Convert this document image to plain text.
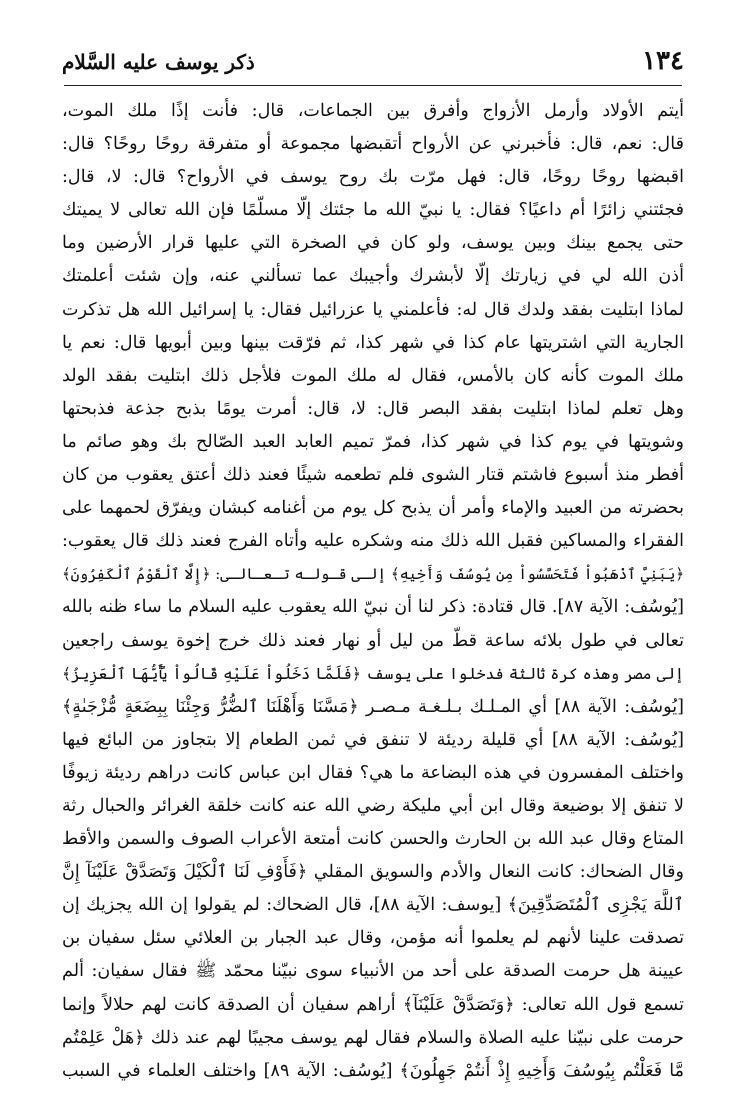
١٣٤
ذكر يوسف عليه السَّلام
أيتم الأولاد وأرمل الأزواج وأفرق بين الجماعات، قال: فأنت إذًا ملك الموت،
قال: نعم، قال: فأخبرني عن الأرواح أتقبضها مجموعة أو متفرقة روحًا روحًا؟ قال:
اقبضها روحًا روحًا، قال: فهل مرّت بك روح يوسف في الأرواح؟ قال: لا، قال:
فجئتني زائرًا أم داعيًا؟ فقال: يا نبيّ الله ما جئتك إلّا مسلّمًا فإن الله تعالى لا يميتك
حتى يجمع بينك وبين يوسف، ولو كان في الصخرة التي عليها قرار الأرضين وما
أذن الله لي في زيارتك إلّا لأبشرك وأجيبك عما تسألني عنه، وإن شئت أعلمتك
لماذا ابتليت بفقد ولدك قال له: فأعلمني يا عزرائيل فقال: يا إسرائيل الله هل تذكرت
الجارية التي اشتريتها عام كذا في شهر كذا، ثم فرّقت بينها وبين أبويها قال: نعم يا
ملك الموت كأنه كان بالأمس، فقال له ملك الموت فلأجل ذلك ابتليت بفقد الولد
وهل تعلم لماذا ابتليت بفقد البصر قال: لا، قال: أمرت يومًا بذبح جذعة فذبحتها
وشويتها في يوم كذا في شهر كذا، فمرّ تميم العابد العبد الصّالح بك وهو صائم ما
أفطر منذ أسبوع فاشتم قتار الشوى فلم تطعمه شيئًا فعند ذلك أعتق يعقوب من كان
بحضرته من العبيد والإماء وأمر أن يذبح كل يوم من أغنامه كبشان ويفرّق لحمهما على
الفقراء والمساكين فقبل الله ذلك منه وشكره عليه وأتاه الفرج فعند ذلك قال يعقوب:
﴿يَبَنِيَّ ٱذْهَبُواْ فَتَحَسَّسُواْ مِن يُوسُفَ وَأَخِيهِ﴾ إلـى قـولـه تـعـالـى: ﴿إِلَّا ٱلْقَوْمُ ٱلْكَفِرُونَ﴾
[يُوسُف: الآية ٨٧]. قال قتادة: ذكر لنا أن نبيّ الله يعقوب عليه السلام ما ساء ظنه بالله
تعالى في طول بلائه ساعة قطّ من ليل أو نهار فعند ذلك خرج إخوة يوسف راجعين
إلى مصر وهذه كرة ثالثة فدخلوا على يوسف ﴿فَلَمَّا دَخَلُواْ عَلَيْهِ قَالُواْ يَٓأَيُّهَا ٱلْعَزِيزُ﴾
[يُوسُف: الآية ٨٨] أي المـلـك بـلـغـة مـصـر ﴿مَسَّنَا وَأَهْلَنَا ٱلضُّرُّ وَجِئْنَا بِبِضَعَةٍ مُّزْجَىٰةٍ﴾
[يُوسُف: الآية ٨٨] أي قليلة رديئة لا تنفق في ثمن الطعام إلا بتجاوز من البائع فيها
واختلف المفسرون في هذه البضاعة ما هي؟ فقال ابن عباس كانت دراهم رديئة زيوفًا
لا تنفق إلا بوضيعة وقال ابن أبي مليكة رضي الله عنه كانت خلقة الغرائر والحبال رثة
المتاع وقال عبد الله بن الحارث والحسن كانت أمتعة الأعراب الصوف والسمن والأقط
وقال الضحاك: كانت النعال والأدم والسويق المقلي ﴿فَأَوْفِ لَنَا ٱلْكَيْلَ وَتَصَدَّقْ عَلَيْنَآ إِنَّ
ٱللَّهَ يَجْزِى ٱلْمُتَصَدِّقِينَ﴾ [يوسف: الآية ٨٨]، قال الضحاك: لم يقولوا إن الله يجزيك إن
تصدقت علينا لأنهم لم يعلموا أنه مؤمن، وقال عبد الجبار بن العلائي سئل سفيان بن
عيينة هل حرمت الصدقة على أحد من الأنبياء سوى نبيّنا محمّد ﷺ فقال سفيان: ألم
تسمع قول الله تعالى: ﴿وَتَصَدَّقْ عَلَيْنَآ﴾ أراهم سفيان أن الصدقة كانت لهم حلالاً وإنما
حرمت على نبيّنا عليه الصلاة والسلام فقال لهم يوسف مجيبًا لهم عند ذلك ﴿هَلْ عَلِمْتُم
مَّا فَعَلْتُم بِيُوسُفَ وَأَخِيهِ إِذْ أَنتُمْ جَهِلُونَ﴾ [يُوسُف: الآية ٨٩] واختلف العلماء في السبب
